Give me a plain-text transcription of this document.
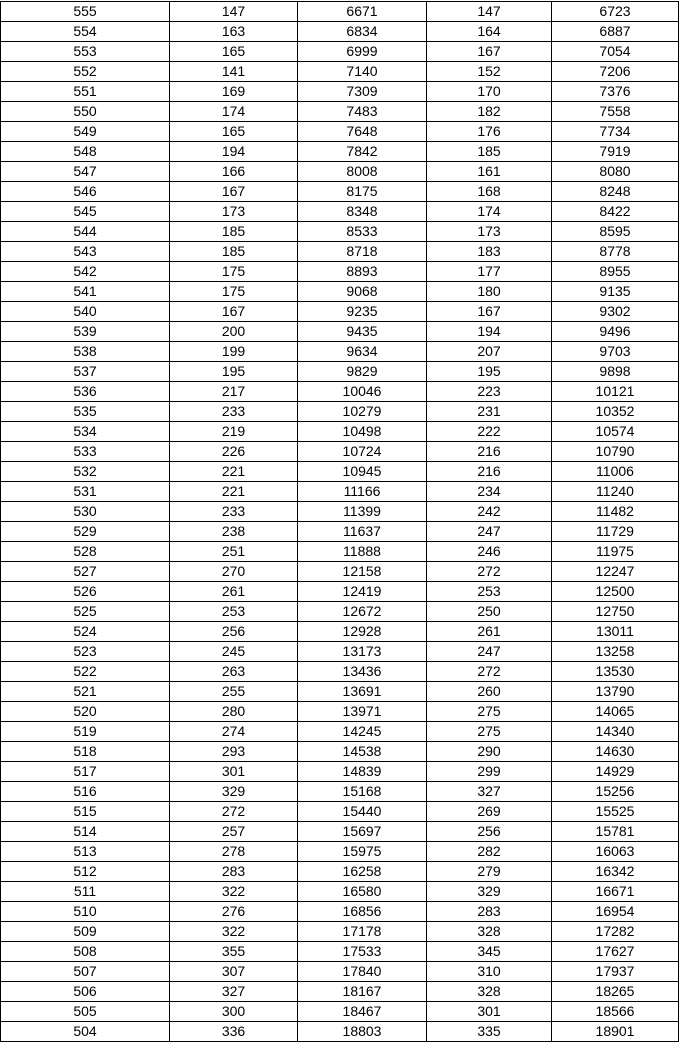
555	147	6671	147	6723
554	163	6834	164	6887
553	165	6999	167	7054
552	141	7140	152	7206
551	169	7309	170	7376
550	174	7483	182	7558
549	165	7648	176	7734
548	194	7842	185	7919
547	166	8008	161	8080
546	167	8175	168	8248
545	173	8348	174	8422
544	185	8533	173	8595
543	185	8718	183	8778
542	175	8893	177	8955
541	175	9068	180	9135
540	167	9235	167	9302
539	200	9435	194	9496
538	199	9634	207	9703
537	195	9829	195	9898
536	217	10046	223	10121
535	233	10279	231	10352
534	219	10498	222	10574
533	226	10724	216	10790
532	221	10945	216	11006
531	221	11166	234	11240
530	233	11399	242	11482
529	238	11637	247	11729
528	251	11888	246	11975
527	270	12158	272	12247
526	261	12419	253	12500
525	253	12672	250	12750
524	256	12928	261	13011
523	245	13173	247	13258
522	263	13436	272	13530
521	255	13691	260	13790
520	280	13971	275	14065
519	274	14245	275	14340
518	293	14538	290	14630
517	301	14839	299	14929
516	329	15168	327	15256
515	272	15440	269	15525
514	257	15697	256	15781
513	278	15975	282	16063
512	283	16258	279	16342
511	322	16580	329	16671
510	276	16856	283	16954
509	322	17178	328	17282
508	355	17533	345	17627
507	307	17840	310	17937
506	327	18167	328	18265
505	300	18467	301	18566
504	336	18803	335	18901
